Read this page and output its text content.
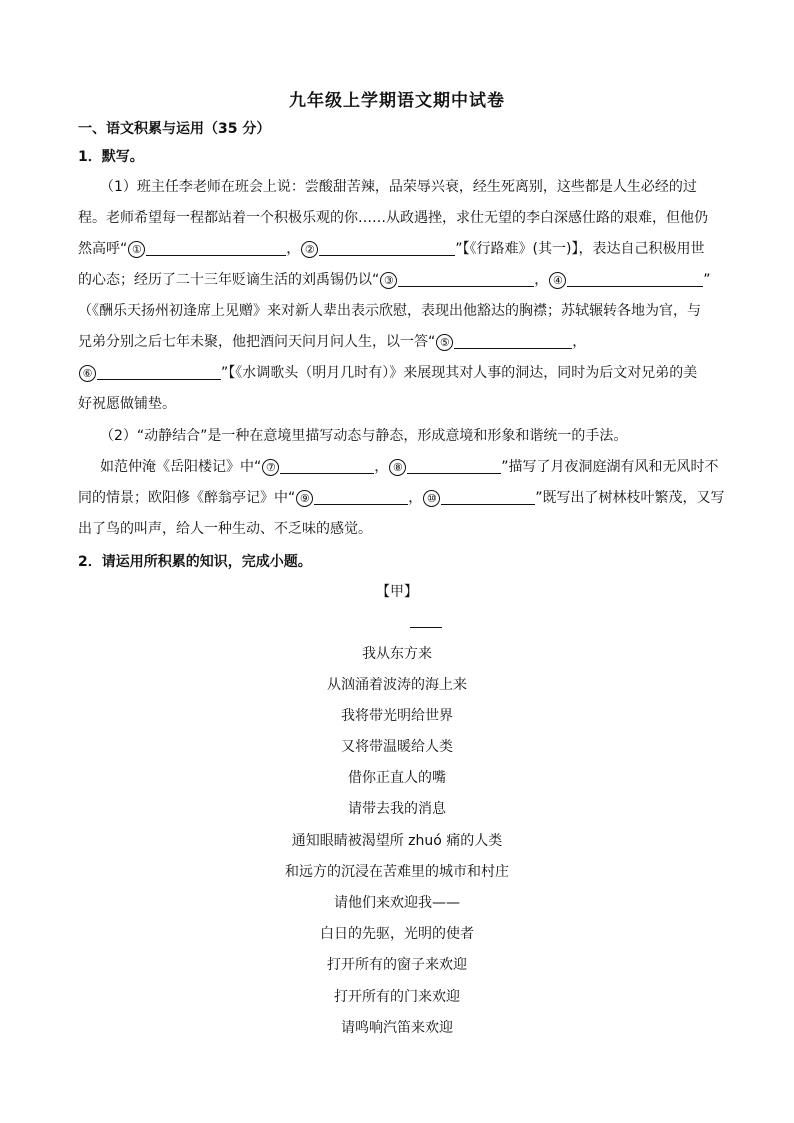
九年级上学期语文期中试卷
一、语文积累与运用（35 分）
1．默写。
（1）班主任李老师在班会上说：尝酸甜苦辣，品荣辱兴衰，经生死离别，这些都是人生必经的过
程。老师希望每一程都站着一个积极乐观的你……从政遇挫，求仕无望的李白深感仕路的艰难，但他仍
然高呼“ ①	， ②	”【《行路难》(其一)】，表达自己积极用世
的心态；经历了二十三年贬谪生活的刘禹锡仍以“ ③	， ④	”
（《酬乐天扬州初逢席上见赠》来对新人辈出表示欣慰，表现出他豁达的胸襟；苏轼辗转各地为官，与
兄弟分别之后七年未聚，他把酒问天问月问人生，以一答“ ⑤	，
⑥	”【《水调歌头（明月几时有）》来展现其对人事的洞达，同时为后文对兄弟的美
好祝愿做铺垫。
（2）“动静结合”是一种在意境里描写动态与静态，形成意境和形象和谐统一的手法。
如范仲淹《岳阳楼记》中“ ⑦	， ⑧	”描写了月夜洞庭湖有风和无风时不
同的情景；欧阳修《醉翁亭记》中“ ⑨	， ⑩	”既写出了树林枝叶繁茂，又写
出了鸟的叫声，给人一种生动、不乏味的感觉。
2．请运用所积累的知识，完成小题。
【甲】
我从东方来
从汹涌着波涛的海上来
我将带光明给世界
又将带温暖给人类
借你正直人的嘴
请带去我的消息
通知眼睛被渴望所 zhuó 痛的人类
和远方的沉浸在苦难里的城市和村庄
请他们来欢迎我——
白日的先驱，光明的使者
打开所有的窗子来欢迎
打开所有的门来欢迎
请鸣响汽笛来欢迎
